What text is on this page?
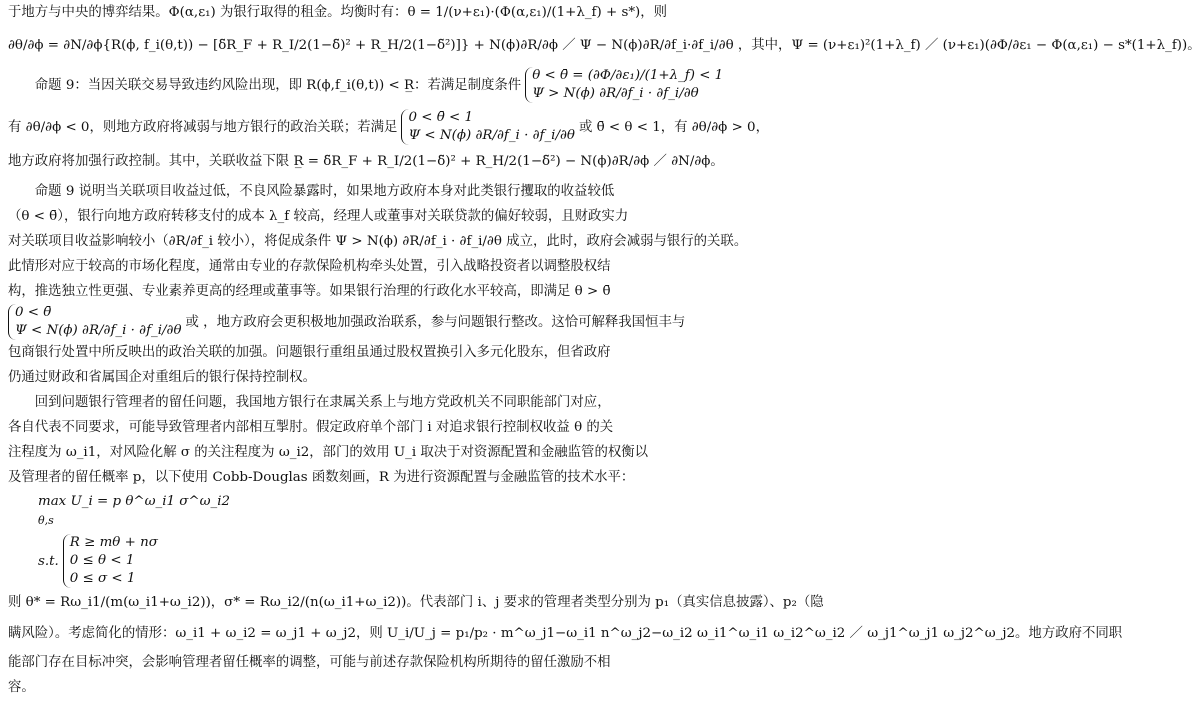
于地方与中央的博弈结果。Φ(α,ε₁) 为银行取得的租金。均衡时有：θ = 1/(ν+ε₁)·(Φ(α,ε₁)/(1+λ_f) + s*)，则
∂θ/∂ϕ = ∂N/∂ϕ{R(ϕ, f_i(θ,t)) − [δ̃R_F + R_I/2(1−δ̃)² + R_H/2(1−δ̃²)]} + N(ϕ)∂R/∂ϕ ／ Ψ − N(ϕ)∂R/∂f_i·∂f_i/∂θ ，其中，Ψ = (ν+ε₁)²(1+λ_f) ／ (ν+ε₁)(∂Φ/∂ε₁ − Φ(α,ε₁) − s*(1+λ_f))。
命题 9：当因关联交易导致违约风险出现，即 R(ϕ,f_i(θ,t)) < R̲：若满足制度条件
θ < θ̄ = (∂Φ/∂ε₁)/(1+λ_f) < 1
Ψ > N(ϕ) ∂R/∂f_i · ∂f_i/∂θ
有 ∂θ/∂ϕ < 0，则地方政府将减弱与地方银行的政治关联；若满足
0 < θ̄ < 1
Ψ < N(ϕ) ∂R/∂f_i · ∂f_i/∂θ
或 θ̄ < θ < 1，有 ∂θ/∂ϕ > 0，
地方政府将加强行政控制。其中，关联收益下限 R̲ = δ̃R_F + R_I/2(1−δ̃)² + R_H/2(1−δ̃²) − N(ϕ)∂R/∂ϕ ／ ∂N/∂ϕ。
命题 9 说明当关联项目收益过低，不良风险暴露时，如果地方政府本身对此类银行攫取的收益较低
（θ < θ̄），银行向地方政府转移支付的成本 λ_f 较高，经理人或董事对关联贷款的偏好较弱，且财政实力
对关联项目收益影响较小（∂R/∂f_i 较小），将促成条件 Ψ > N(ϕ) ∂R/∂f_i · ∂f_i/∂θ 成立，此时，政府会减弱与银行的关联。
此情形对应于较高的市场化程度，通常由专业的存款保险机构牵头处置，引入战略投资者以调整股权结
构，推选独立性更强、专业素养更高的经理或董事等。如果银行治理的行政化水平较高，即满足 θ > θ̄
0 < θ̄
Ψ < N(ϕ) ∂R/∂f_i · ∂f_i/∂θ
或 ，地方政府会更积极地加强政治联系，参与问题银行整改。这恰可解释我国恒丰与
包商银行处置中所反映出的政治关联的加强。问题银行重组虽通过股权置换引入多元化股东，但省政府
仍通过财政和省属国企对重组后的银行保持控制权。
回到问题银行管理者的留任问题，我国地方银行在隶属关系上与地方党政机关不同职能部门对应，
各自代表不同要求，可能导致管理者内部相互掣肘。假定政府单个部门 i 对追求银行控制权收益 θ 的关
注程度为 ω_i1，对风险化解 σ 的关注程度为 ω_i2，部门的效用 U_i 取决于对资源配置和金融监管的权衡以
及管理者的留任概率 p，以下使用 Cobb-Douglas 函数刻画，R 为进行资源配置与金融监管的技术水平：
max U_i = p θ^ω_i1 σ^ω_i2
θ,s
s.t.
R ≥ mθ + nσ
0 ≤ θ < 1
0 ≤ σ < 1
则 θ* = Rω_i1/(m(ω_i1+ω_i2))，σ* = Rω_i2/(n(ω_i1+ω_i2))。代表部门 i、j 要求的管理者类型分别为 p₁（真实信息披露）、p₂（隐
瞒风险）。考虑简化的情形：ω_i1 + ω_i2 = ω_j1 + ω_j2，则 U_i/U_j = p₁/p₂ · m^ω_j1−ω_i1 n^ω_j2−ω_i2 ω_i1^ω_i1 ω_i2^ω_i2 ／ ω_j1^ω_j1 ω_j2^ω_j2。地方政府不同职
能部门存在目标冲突，会影响管理者留任概率的调整，可能与前述存款保险机构所期待的留任激励不相
容。
